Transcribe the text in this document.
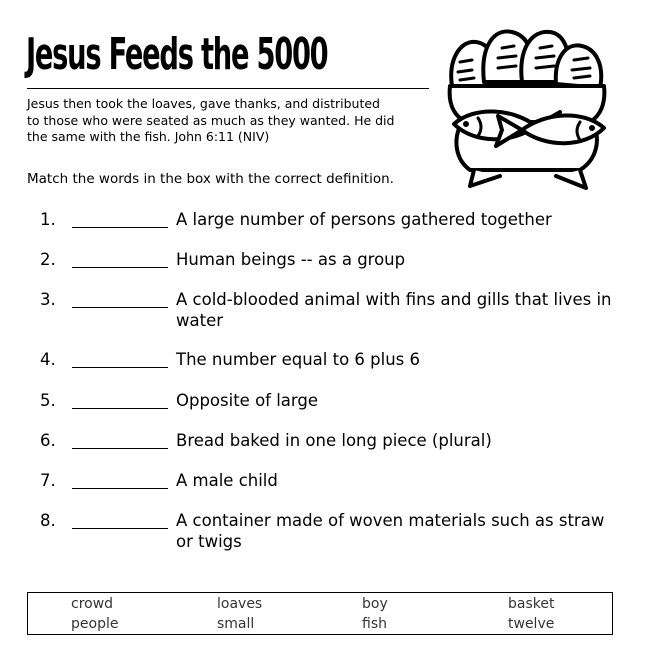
Jesus Feeds the 5000
Jesus then took the loaves, gave thanks, and distributed
to those who were seated as much as they wanted. He did
the same with the fish. John 6:11 (NIV)
Match the words in the box with the correct definition.
1.	A large number of persons gathered together
2.	Human beings -- as a group
3.	A cold-blooded animal with fins and gills that lives in
water
4.	The number equal to 6 plus 6
5.	Opposite of large
6.	Bread baked in one long piece (plural)
7.	A male child
8.	A container made of woven materials such as straw
or twigs
crowd	loaves	boy	basket
people	small	fish	twelve
